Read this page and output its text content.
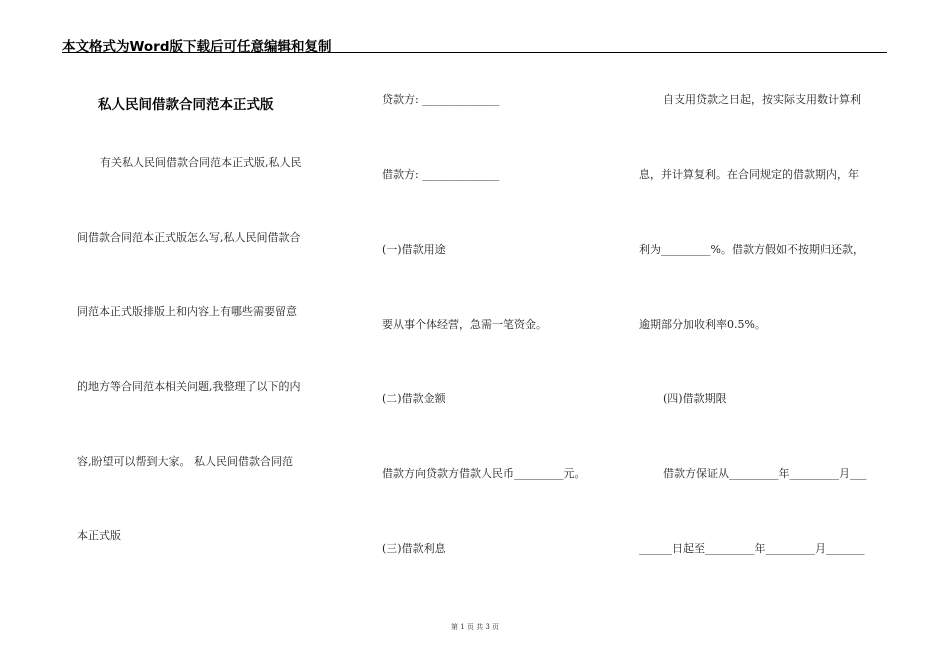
本文格式为Word版下载后可任意编辑和复制
私人民间借款合同范本正式版
有关私人民间借款合同范本正式版,私人民
间借款合同范本正式版怎么写,私人民间借款合
同范本正式版排版上和内容上有哪些需要留意
的地方等合同范本相关问题,我整理了以下的内
容,盼望可以帮到大家。 私人民间借款合同范
本正式版
贷款方: ______________
借款方: ______________
(一)借款用途
要从事个体经营，急需一笔资金。
(二)借款金额
借款方向贷款方借款人民币_________元。
(三)借款利息
自支用贷款之日起，按实际支用数计算利
息，并计算复利。在合同规定的借款期内，年
利为_________%。借款方假如不按期归还款，
逾期部分加收利率0.5%。
(四)借款期限
借款方保证从_________年_________月___
______日起至_________年_________月_______
第 1 页 共 3 页
